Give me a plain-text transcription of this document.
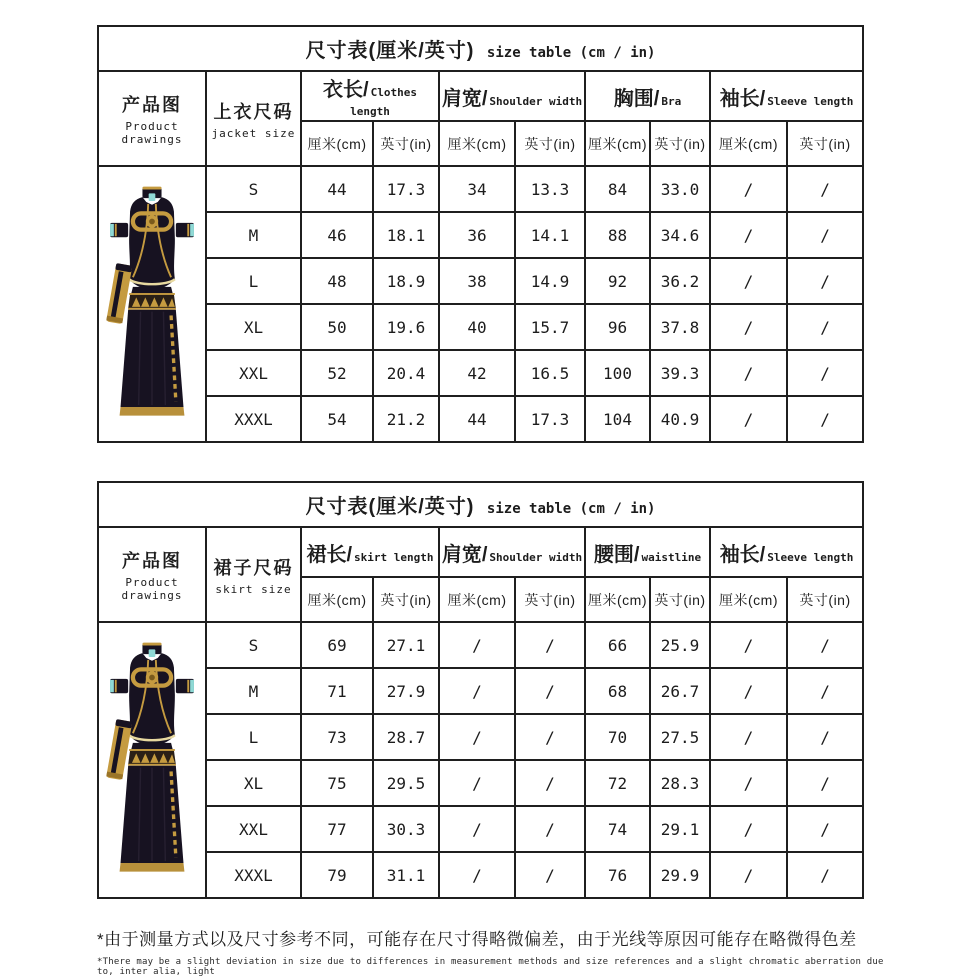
尺寸表(厘米/英寸) size table (cm / in)									

产品图
Product drawings

上衣尺码
jacket size
	衣长/ Clothes length	肩宽/ Shoulder width	胸围/ Bra	袖长/ Sleeve length
		厘米(cm)	英寸(in)	厘米(cm)	英寸(in)	厘米(cm)	英寸(in)	厘米(cm)	英寸(in)

	S	44	17.3	34	13.3	84	33.0	/	/
	M	46	18.1	36	14.1	88	34.6	/	/
	L	48	18.9	38	14.9	92	36.2	/	/
	XL	50	19.6	40	15.7	96	37.8	/	/
	XXL	52	20.4	42	16.5	100	39.3	/	/
	XXXL	54	21.2	44	17.3	104	40.9	/	/
尺寸表(厘米/英寸) size table (cm / in)									

产品图
Product drawings

裙子尺码
skirt size
	裙长/ skirt length	肩宽/ Shoulder width	腰围/ waistline	袖长/ Sleeve length
		厘米(cm)	英寸(in)	厘米(cm)	英寸(in)	厘米(cm)	英寸(in)	厘米(cm)	英寸(in)

	S	69	27.1	/	/	66	25.9	/	/
	M	71	27.9	/	/	68	26.7	/	/
	L	73	28.7	/	/	70	27.5	/	/
	XL	75	29.5	/	/	72	28.3	/	/
	XXL	77	30.3	/	/	74	29.1	/	/
	XXXL	79	31.1	/	/	76	29.9	/	/
*由于测量方式以及尺寸参考不同，可能存在尺寸得略微偏差，由于光线等原因可能存在略微得色差
*There may be a slight deviation in size due to differences in measurement methods and size references and a slight chromatic aberration due to, inter alia, light
